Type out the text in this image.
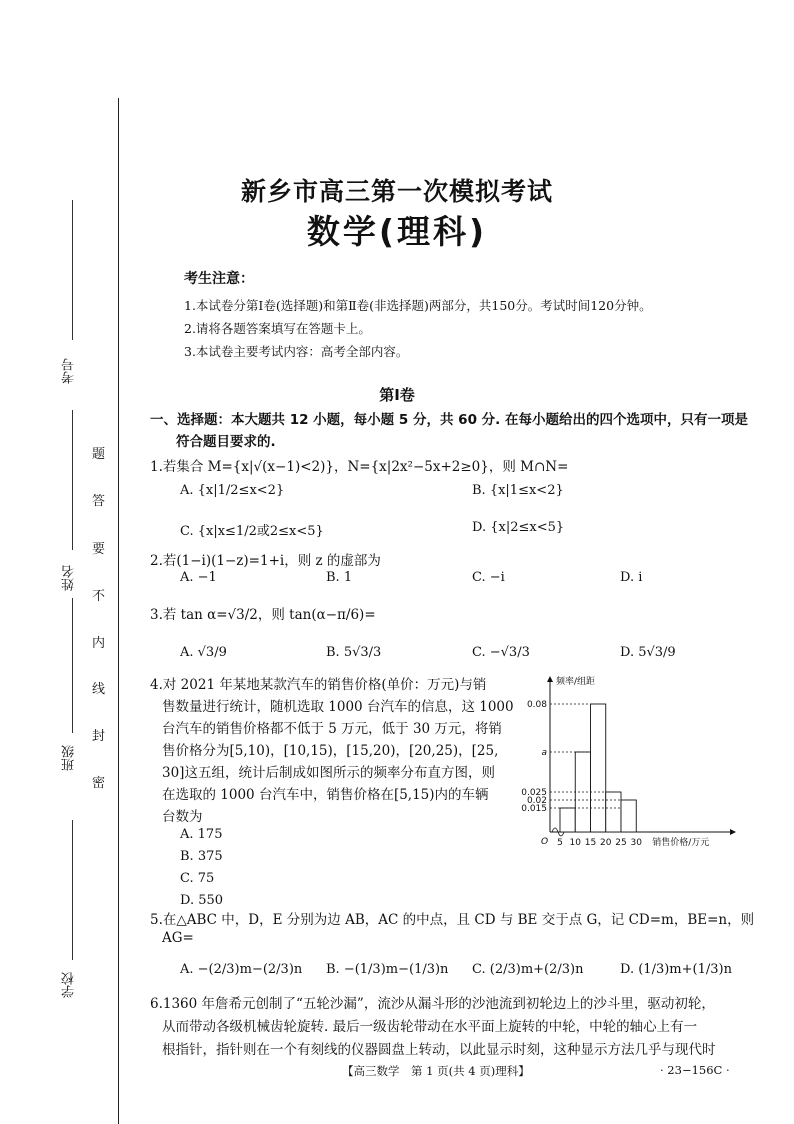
考号
姓名
班级
学校
题
答
要
不
内
线
封
密
新乡市高三第一次模拟考试
数学(理科)
考生注意：
1.本试卷分第Ⅰ卷(选择题)和第Ⅱ卷(非选择题)两部分，共150分。考试时间120分钟。
2.请将各题答案填写在答题卡上。
3.本试卷主要考试内容：高考全部内容。
第Ⅰ卷
一、选择题：本大题共 12 小题，每小题 5 分，共 60 分. 在每小题给出的四个选项中，只有一项是
符合题目要求的.
1.若集合 M={x|√(x−1)<2)}，N={x|2x²−5x+2≥0}，则 M∩N=
A. {x|1/2≤x<2}	B. {x|1≤x<2}
C. {x|x≤1/2或2≤x<5}	D. {x|2≤x<5}
2.若(1−i)(1−z)=1+i，则 z 的虚部为
A. −1	B. 1	C. −i	D. i
3.若 tan α=√3/2，则 tan(α−π/6)=
A. √3/9	B. 5√3/3	C. −√3/3	D. 5√3/9
4.对 2021 年某地某款汽车的销售价格(单价：万元)与销
售数量进行统计，随机选取 1000 台汽车的信息，这 1000
台汽车的销售价格都不低于 5 万元，低于 30 万元，将销
售价格分为[5,10)，[10,15)，[15,20)，[20,25)，[25,
30]这五组，统计后制成如图所示的频率分布直方图，则
在选取的 1000 台汽车中，销售价格在[5,15)内的车辆
台数为
A. 175
B. 375
C. 75
D. 550
0.08
a
0.025
0.02
0.015
5 10 15 20 25 30
O
频率/组距
销售价格/万元
5.在△ABC 中，D，E 分别为边 AB，AC 的中点，且 CD 与 BE 交于点 G，记 CD=m，BE=n，则
AG=
A. −(2/3)m−(2/3)n B. −(1/3)m−(1/3)n C. (2/3)m+(2/3)n	D. (1/3)m+(1/3)n
6.1360 年詹希元创制了“五轮沙漏”，流沙从漏斗形的沙池流到初轮边上的沙斗里，驱动初轮，
从而带动各级机械齿轮旋转. 最后一级齿轮带动在水平面上旋转的中轮，中轮的轴心上有一
根指针，指针则在一个有刻线的仪器圆盘上转动，以此显示时刻，这种显示方法几乎与现代时
【高三数学　第 1 页(共 4 页)理科】	· 23−156C ·
